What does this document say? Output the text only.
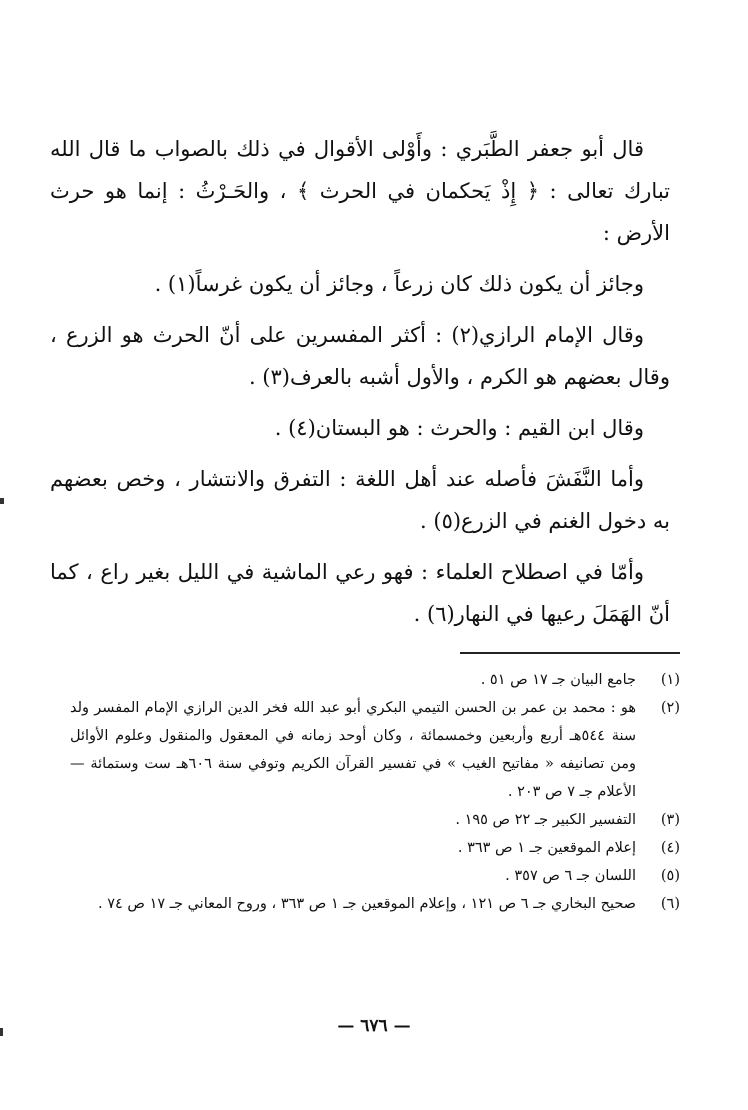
قال أبو جعفر الطَّبَري : وأَوْلى الأقوال في ذلك بالصواب ما قال الله تبارك تعالى : ﴿ إِذْ يَحكمان في الحرث ﴾ ، والحَـرْثُ : إنما هو حرث الأرض :

وجائز أن يكون ذلك كان زرعاً ، وجائز أن يكون غرساً(١) .

وقال الإمام الرازي(٢) : أكثر المفسرين على أنّ الحرث هو الزرع ، وقال بعضهم هو الكرم ، والأول أشبه بالعرف(٣) .

وقال ابن القيم : والحرث : هو البستان(٤) .

وأما النَّفَشَ فأصله عند أهل اللغة : التفرق والانتشار ، وخص بعضهم به دخول الغنم في الزرع(٥) .

وأمّا في اصطلاح العلماء : فهو رعي الماشية في الليل بغير راع ، كما أنّ الهَمَلَ رعيها في النهار(٦) .

(١)
جامع البيان جـ ١٧ ص ٥١ .
(٢)
هو : محمد بن عمر بن الحسن التيمي البكري أبو عبد الله فخر الدين الرازي الإمام المفسر ولد سنة ٥٤٤هـ أربع وأربعين وخمسمائة ، وكان أوحد زمانه في المعقول والمنقول وعلوم الأوائل ومن تصانيفه « مفاتيح الغيب » في تفسير القرآن الكريم وتوفي سنة ٦٠٦هـ ست وستمائة — الأعلام جـ ٧ ص ٢٠٣ .
(٣)
التفسير الكبير جـ ٢٢ ص ١٩٥ .
(٤)
إعلام الموقعين جـ ١ ص ٣٦٣ .
(٥)
اللسان جـ ٦ ص ٣٥٧ .
(٦)
صحيح البخاري جـ ٦ ص ١٢١ ، وإعلام الموقعين جـ ١ ص ٣٦٣ ، وروح المعاني جـ ١٧ ص ٧٤ .
— ٦٧٦ —
